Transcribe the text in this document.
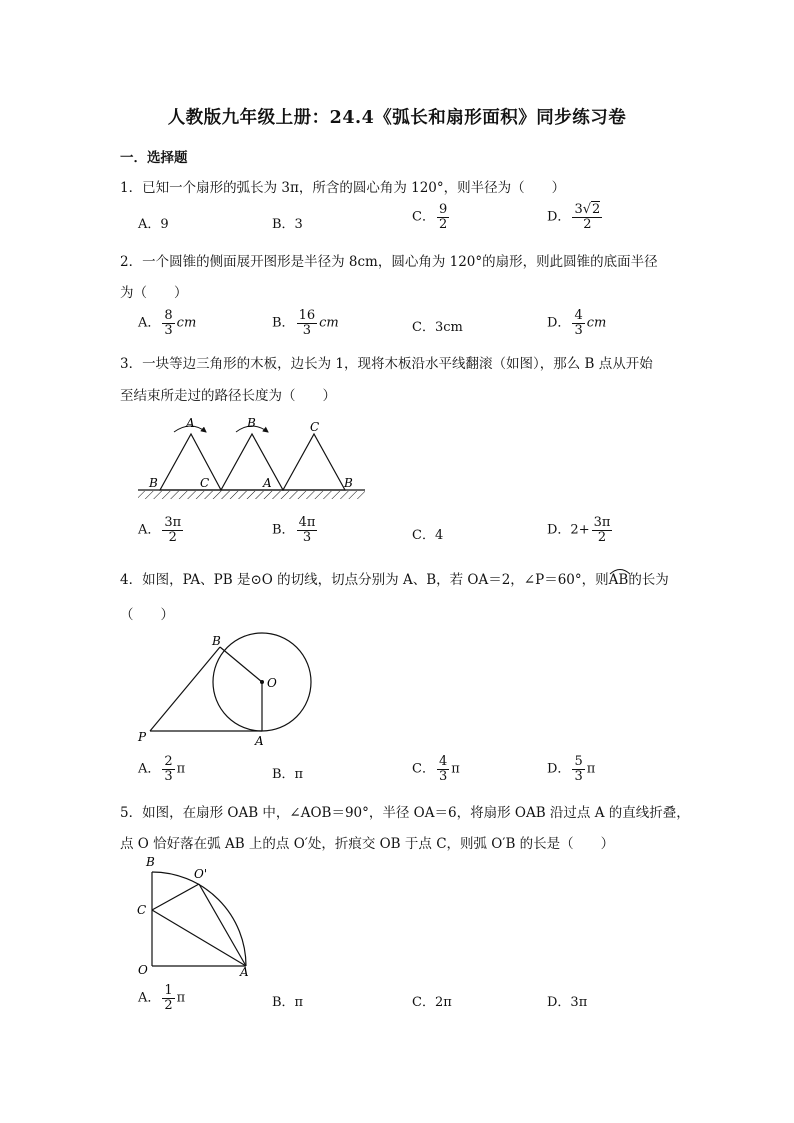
人教版九年级上册：24.4《弧长和扇形面积》同步练习卷
一．选择题
1．已知一个扇形的弧长为 3π，所含的圆心角为 120°，则半径为（　　）
A．9	B．3	C． $\frac{9}{2}$	D． $\frac{3√2}{2}$
2．一个圆锥的侧面展开图形是半径为 8cm，圆心角为 120°的扇形，则此圆锥的底面半径
为（　　）
A． $\frac{8}{3}$ cm	B． $\frac{16}{3}$ cm	C．3cm	D． $\frac{4}{3}$ cm
3．一块等边三角形的木板，边长为 1，现将木板沿水平线翻滚（如图），那么 B 点从开始
至结束所走过的路径长度为（　　）
A
B	C
B	C
A	B
A． $\frac{3\pi}{2}$	B． $\frac{4\pi}{3}$	C．4	D．$2+ \frac{3\pi}{2}$
4．如图，PA、PB 是⊙O 的切线，切点分别为 A、B，若 OA＝2，∠P＝60°，则
AB的长为
（　　）
B
O
P	A
A． $\frac{2}{3}$ π	B．π	C． $\frac{4}{3}$ π	D． $\frac{5}{3}$ π
5．如图，在扇形 OAB 中，∠AOB＝90°，半径 OA＝6，将扇形 OAB 沿过点 A 的直线折叠，
点 O 恰好落在弧 AB 上的点 O′处，折痕交 OB 于点 C，则弧 O′B 的长是（　　）
B
O'
C
O	A
A． $\frac{1}{2}$ π	B．π	C．2π	D．3π
